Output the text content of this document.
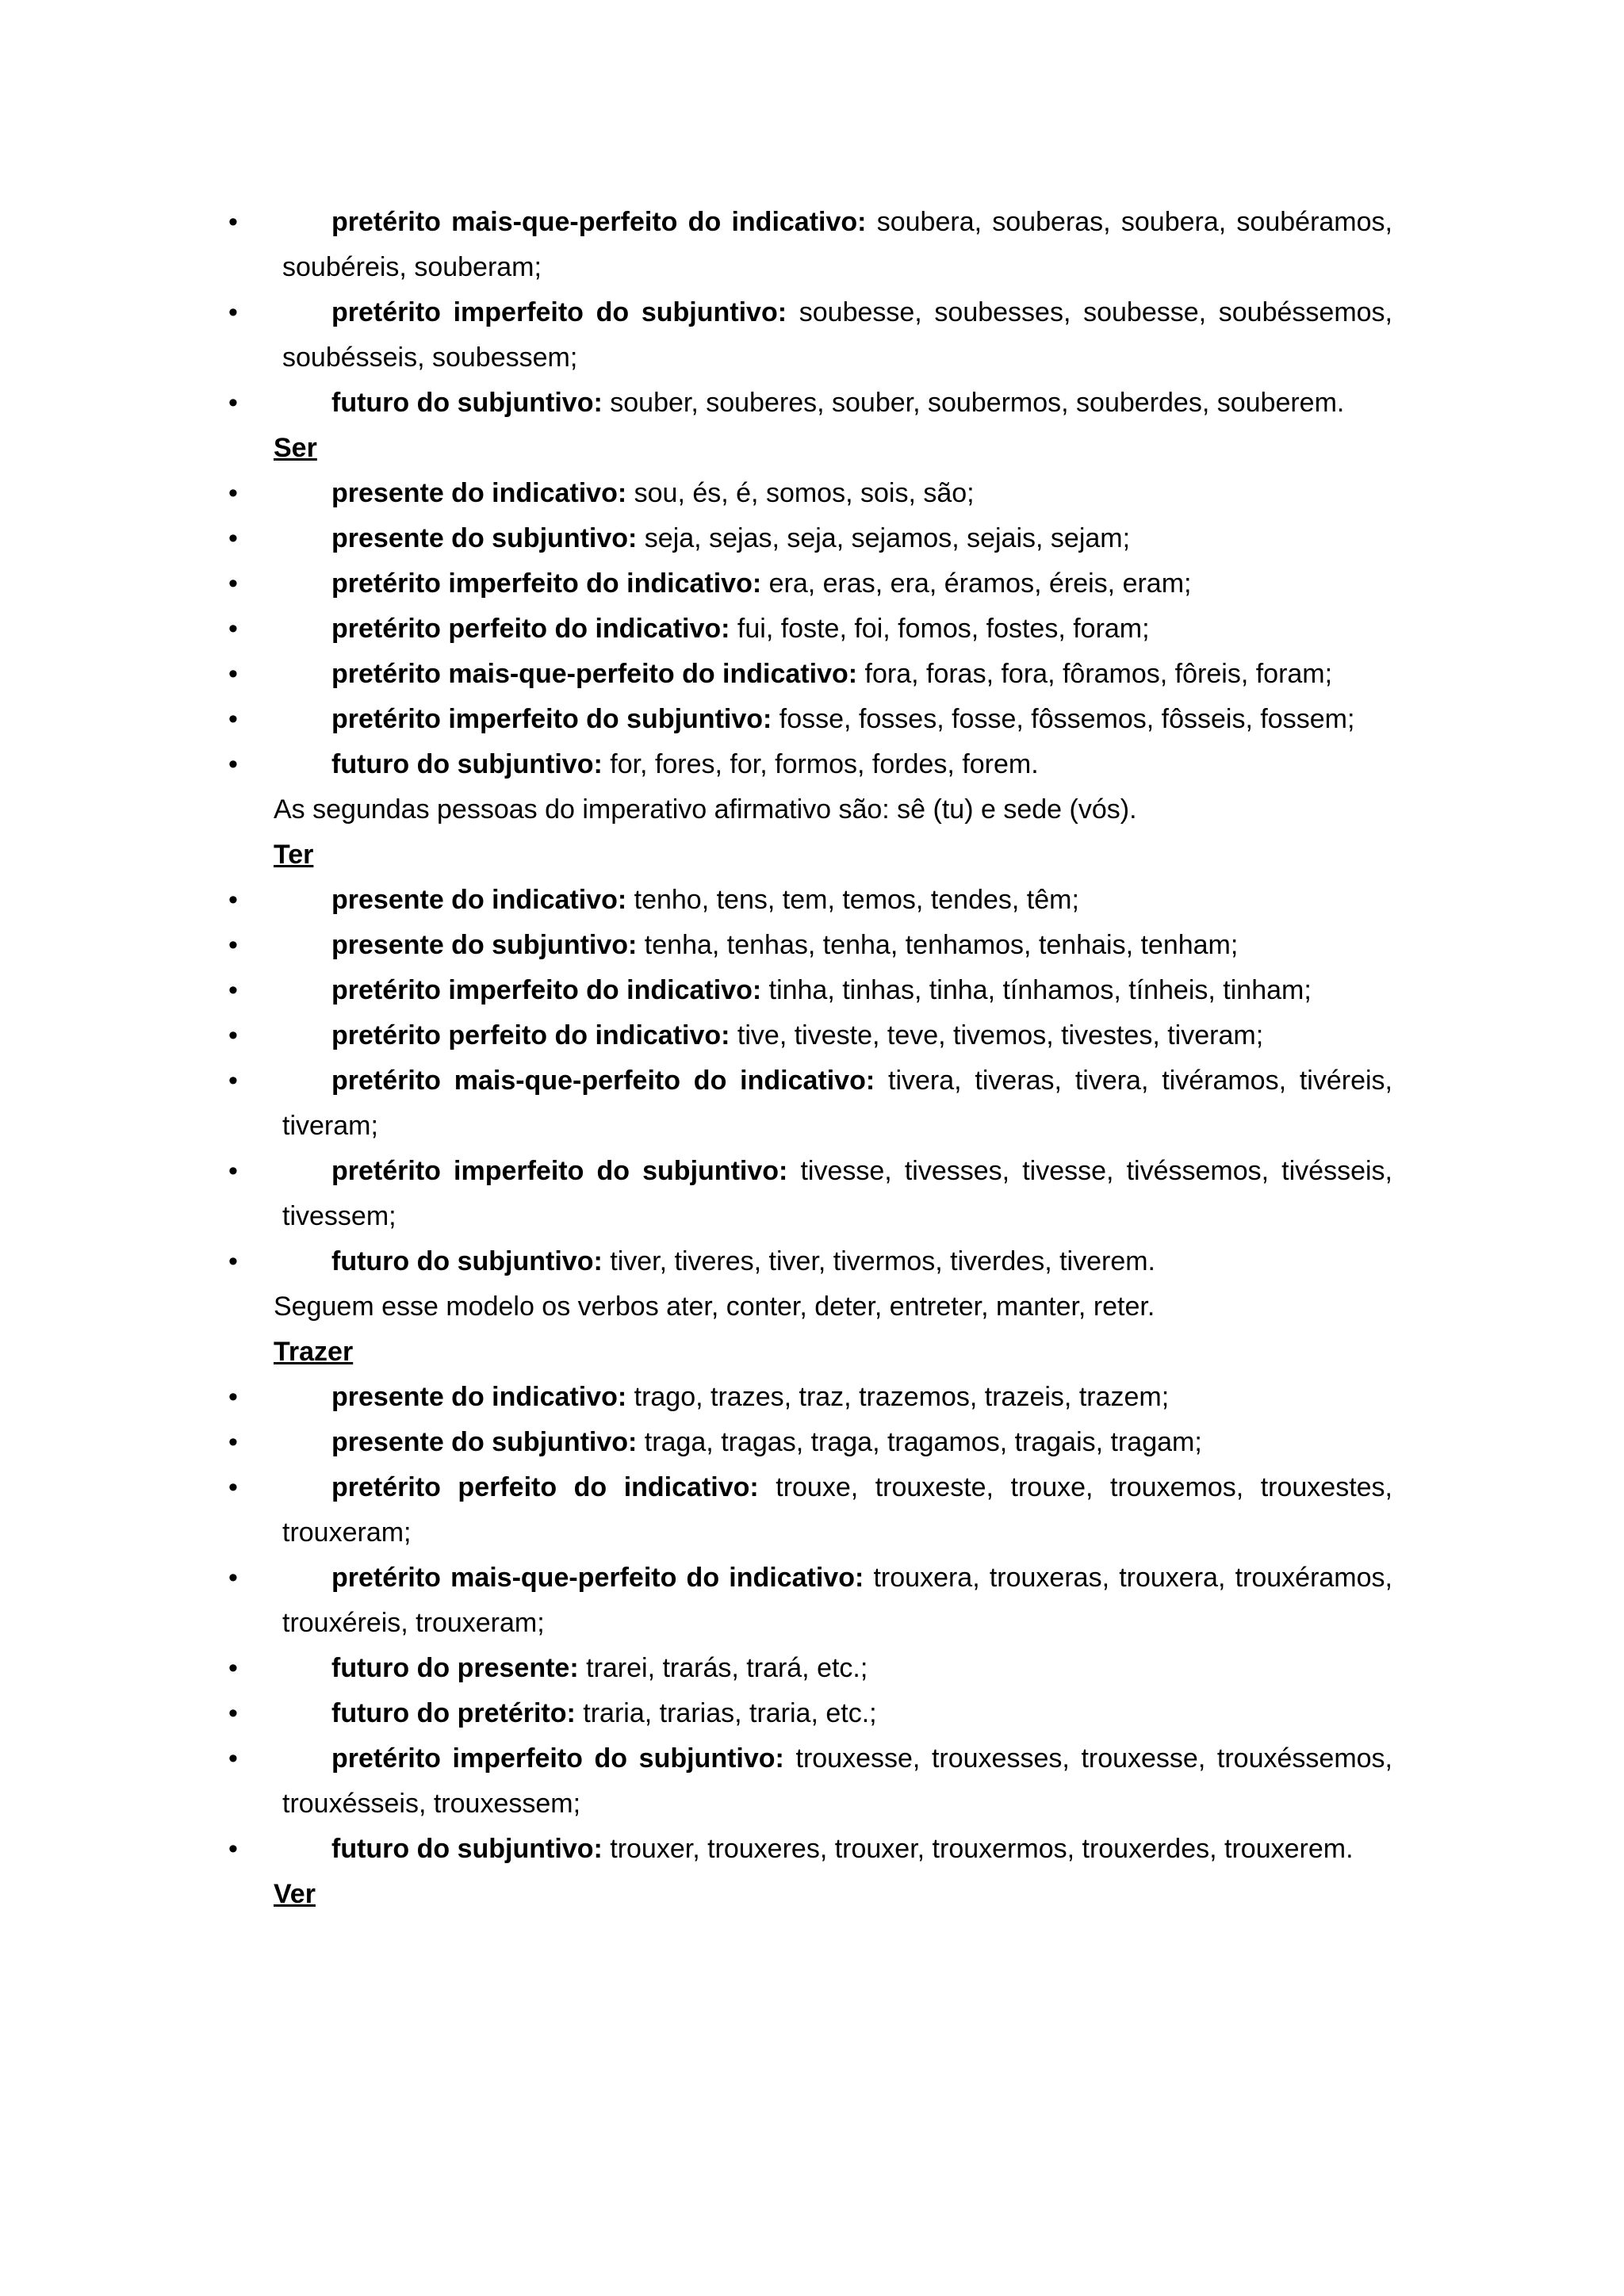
•	pretérito mais-que-perfeito do indicativo: soubera, souberas, soubera, soubéramos, soubéreis, souberam;
•	pretérito imperfeito do subjuntivo: soubesse, soubesses, soubesse, soubéssemos, soubésseis, soubessem;
•	futuro do subjuntivo: souber, souberes, souber, soubermos, souberdes, souberem.
Ser
•	presente do indicativo: sou, és, é, somos, sois, são;
•	presente do subjuntivo: seja, sejas, seja, sejamos, sejais, sejam;
•	pretérito imperfeito do indicativo: era, eras, era, éramos, éreis, eram;
•	pretérito perfeito do indicativo: fui, foste, foi, fomos, fostes, foram;
•	pretérito mais-que-perfeito do indicativo: fora, foras, fora, fôramos, fôreis, foram;
•	pretérito imperfeito do subjuntivo: fosse, fosses, fosse, fôssemos, fôsseis, fossem;
•	futuro do subjuntivo: for, fores, for, formos, fordes, forem.
As segundas pessoas do imperativo afirmativo são: sê (tu) e sede (vós).
Ter
•	presente do indicativo: tenho, tens, tem, temos, tendes, têm;
•	presente do subjuntivo: tenha, tenhas, tenha, tenhamos, tenhais, tenham;
•	pretérito imperfeito do indicativo: tinha, tinhas, tinha, tínhamos, tínheis, tinham;
•	pretérito perfeito do indicativo: tive, tiveste, teve, tivemos, tivestes, tiveram;
•	pretérito mais-que-perfeito do indicativo: tivera, tiveras, tivera, tivéramos, tivéreis, tiveram;
•	pretérito imperfeito do subjuntivo: tivesse, tivesses, tivesse, tivéssemos, tivésseis, tivessem;
•	futuro do subjuntivo: tiver, tiveres, tiver, tivermos, tiverdes, tiverem.
Seguem esse modelo os verbos ater, conter, deter, entreter, manter, reter.
Trazer
•	presente do indicativo: trago, trazes, traz, trazemos, trazeis, trazem;
•	presente do subjuntivo: traga, tragas, traga, tragamos, tragais, tragam;
•	pretérito perfeito do indicativo: trouxe, trouxeste, trouxe, trouxemos, trouxestes, trouxeram;
•	pretérito mais-que-perfeito do indicativo: trouxera, trouxeras, trouxera, trouxéramos, trouxéreis, trouxeram;
•	futuro do presente: trarei, trarás, trará, etc.;
•	futuro do pretérito: traria, trarias, traria, etc.;
•	pretérito imperfeito do subjuntivo: trouxesse, trouxesses, trouxesse, trouxéssemos, trouxésseis, trouxessem;
•	futuro do subjuntivo: trouxer, trouxeres, trouxer, trouxermos, trouxerdes, trouxerem.
Ver
